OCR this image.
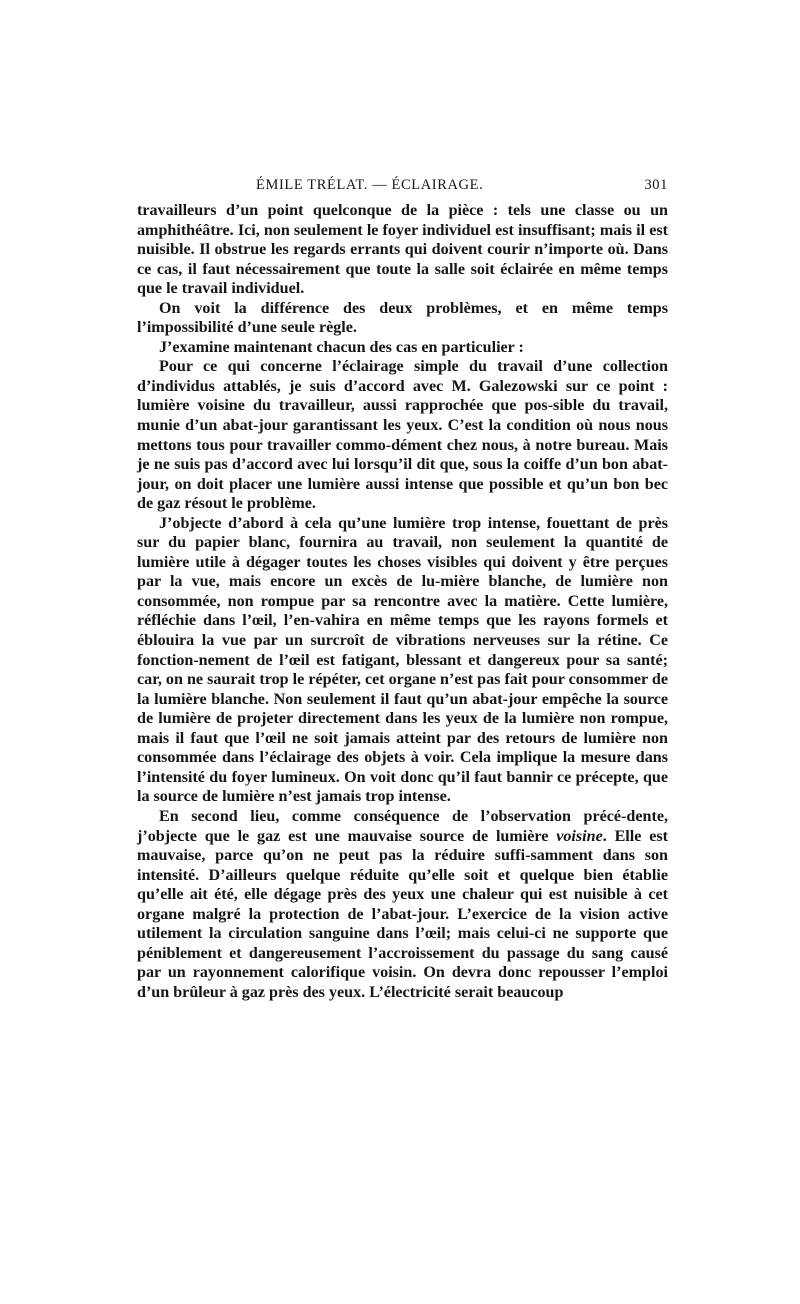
ÉMILE TRÉLAT. — ÉCLAIRAGE.	301

travailleurs d’un point quelconque de la pièce : tels une classe ou un amphithéâtre. Ici, non seulement le foyer individuel est insuffisant; mais il est nuisible. Il obstrue les regards errants qui doivent courir n’importe où. Dans ce cas, il faut nécessairement que toute la salle soit éclairée en même temps que le travail individuel.

On voit la différence des deux problèmes, et en même temps l’impossibilité d’une seule règle.

J’examine maintenant chacun des cas en particulier :

Pour ce qui concerne l’éclairage simple du travail d’une collection d’individus attablés, je suis d’accord avec M. Galezowski sur ce point : lumière voisine du travailleur, aussi rapprochée que pos-sible du travail, munie d’un abat-jour garantissant les yeux. C’est la condition où nous nous mettons tous pour travailler commo-dément chez nous, à notre bureau. Mais je ne suis pas d’accord avec lui lorsqu’il dit que, sous la coiffe d’un bon abat-jour, on doit placer une lumière aussi intense que possible et qu’un bon bec de gaz résout le problème.

J’objecte d’abord à cela qu’une lumière trop intense, fouettant de près sur du papier blanc, fournira au travail, non seulement la quantité de lumière utile à dégager toutes les choses visibles qui doivent y être perçues par la vue, mais encore un excès de lu-mière blanche, de lumière non consommée, non rompue par sa rencontre avec la matière. Cette lumière, réfléchie dans l’œil, l’en-vahira en même temps que les rayons formels et éblouira la vue par un surcroît de vibrations nerveuses sur la rétine. Ce fonction-nement de l’œil est fatigant, blessant et dangereux pour sa santé; car, on ne saurait trop le répéter, cet organe n’est pas fait pour consommer de la lumière blanche. Non seulement il faut qu’un abat-jour empêche la source de lumière de projeter directement dans les yeux de la lumière non rompue, mais il faut que l’œil ne soit jamais atteint par des retours de lumière non consommée dans l’éclairage des objets à voir. Cela implique la mesure dans l’intensité du foyer lumineux. On voit donc qu’il faut bannir ce précepte, que la source de lumière n’est jamais trop intense.

En second lieu, comme conséquence de l’observation précé-dente, j’objecte que le gaz est une mauvaise source de lumière voisine. Elle est mauvaise, parce qu’on ne peut pas la réduire suffi-samment dans son intensité. D’ailleurs quelque réduite qu’elle soit et quelque bien établie qu’elle ait été, elle dégage près des yeux une chaleur qui est nuisible à cet organe malgré la protection de l’abat-jour. L’exercice de la vision active utilement la circulation sanguine dans l’œil; mais celui-ci ne supporte que péniblement et dangereusement l’accroissement du passage du sang causé par un rayonnement calorifique voisin. On devra donc repousser l’emploi d’un brûleur à gaz près des yeux. L’électricité serait beaucoup
